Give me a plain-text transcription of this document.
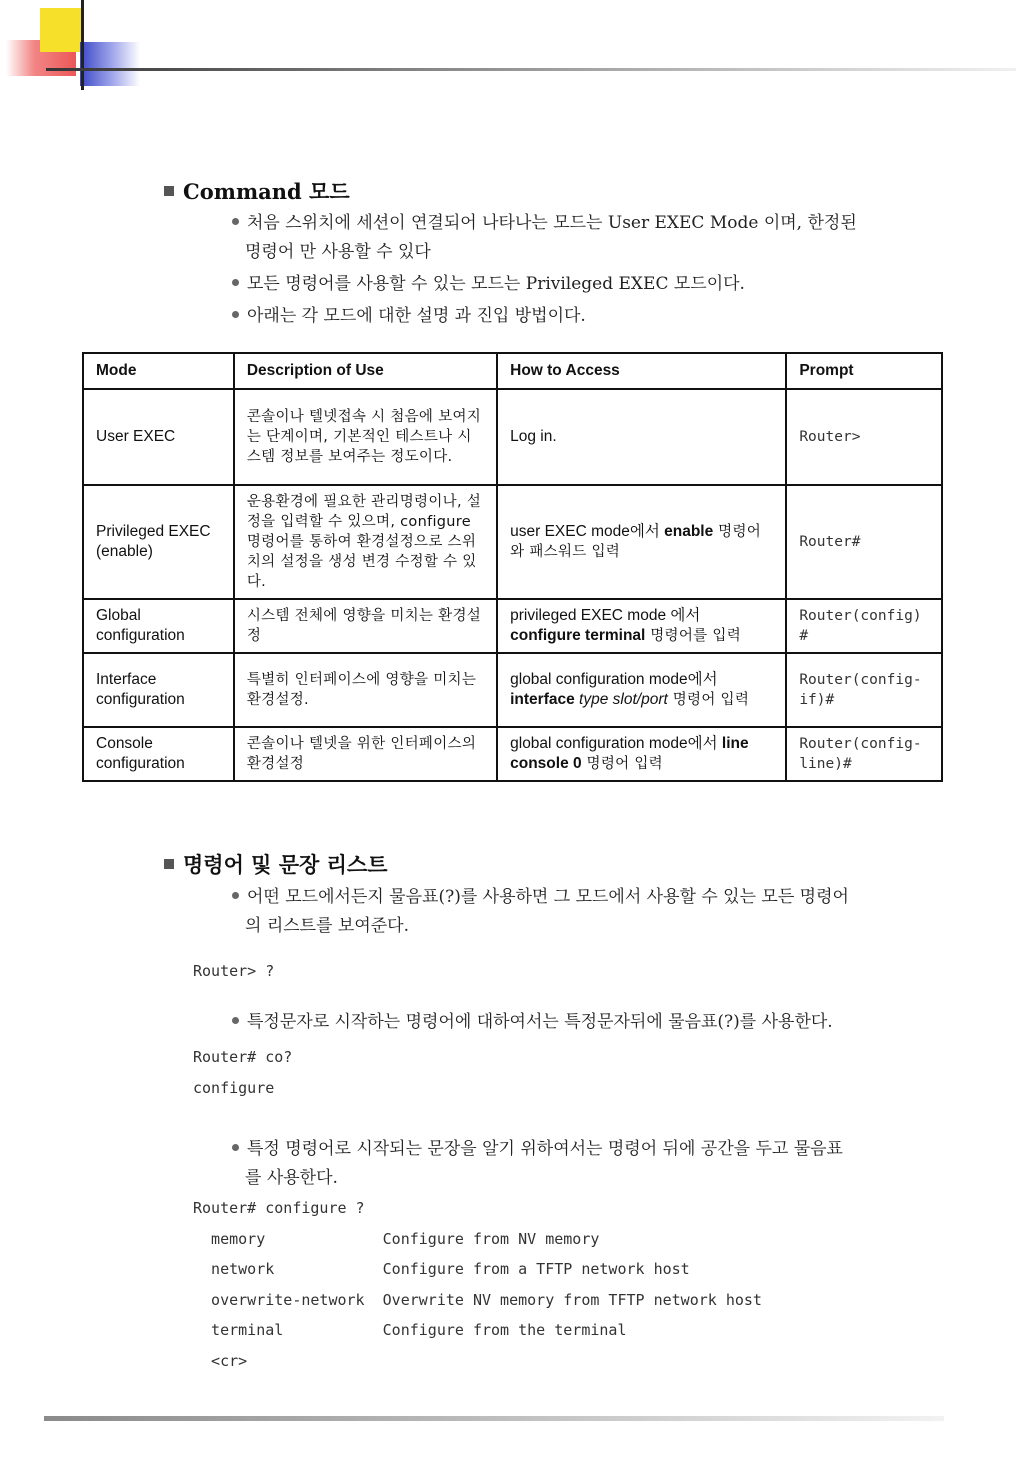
Command 모드
처음 스위치에 세션이 연결되어 나타나는 모드는 User EXEC Mode 이며, 한정된
명령어 만 사용할 수 있다
모든 명령어를 사용할 수 있는 모드는 Privileged EXEC 모드이다.
아래는 각 모드에 대한 설명 과 진입 방법이다.
Mode	Description of Use	How to Access	Prompt
User EXEC	콘솔이나 텔넷접속 시 첨음에 보여지는 단계이며, 기본적인 테스트나 시스템 정보를 보여주는 정도이다.	Log in.	Router>
Privileged EXEC (enable)	운용환경에 필요한 관리명령이나, 설정을 입력할 수 있으며, configure 명령어를 통하여 환경설정으로 스위치의 설정을 생성 변경 수정할 수 있다.	user EXEC mode에서 enable 명령어와 패스워드 입력	Router#
Global configuration	시스템 전체에 영향을 미치는 환경설정	privileged EXEC mode 에서 configure terminal 명령어를 입력	Router(config)#
Interface configuration	특별히 인터페이스에 영향을 미치는 환경설정.	global configuration mode에서 interface type slot/port 명령어 입력	Router(config-if)#
Console configuration	콘솔이나 텔넷을 위한 인터페이스의 환경설정	global configuration mode에서 line console 0 명령어 입력	Router(config-line)#
명령어 및 문장 리스트
어떤 모드에서든지 물음표(?)를 사용하면 그 모드에서 사용할 수 있는 모든 명령어
의 리스트를 보여준다.
Router> ?
특정문자로 시작하는 명령어에 대하여서는 특정문자뒤에 물음표(?)를 사용한다.
Router# co?
configure
특정 명령어로 시작되는 문장을 알기 위하여서는 명령어 뒤에 공간을 두고 물음표
를 사용한다.
Router# configure ?
memory             Configure from NV memory
network            Configure from a TFTP network host
overwrite-network  Overwrite NV memory from TFTP network host
terminal           Configure from the terminal
<cr>
